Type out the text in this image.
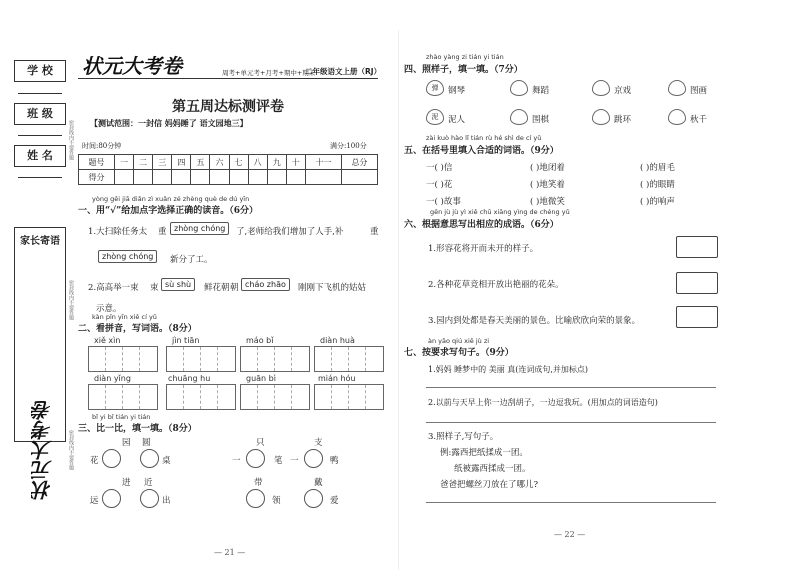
学 校
班 级
姓 名
家长寄语
状元大考卷
密封线内不要答题
密封线内不要答题
密封线内不要答题
状元大考卷	周考+单元考+月考+期中+期末
二年级语文上册（RJ）
第五周达标测评卷
【测试范围：一封信 妈妈睡了 语文园地三】
时间:80分钟	满分:100分
题号	一	二	三	四	五	六	七	八	九	十	十一	总分
得分												
yòng gěi jiā diǎn zì xuǎn zé zhèng què de dú yīn
一、用“√”给加点字选择正确的读音。（6分）
1.大扫除任务太 重 zhòng chóng	了,老师给我们增加了人手,补	重
zhòng chóng	新分了工。
2.高高举一束 束 sù shù	鲜花朝 朝 cháo zhāo	刚刚下飞机的姑姑
示意。
kàn pīn yīn xiě cí yǔ
二、看拼音，写词语。（8分）
xiě xìn	jìn tiān	máo bǐ	diàn huà
diàn yǐng	chuāng hu	guān bì	mián hóu
bǐ yi bǐ tián yi tián
三、比一比，填一填。（8分）
园 圆	只	支
花	桌	一	笔 一	鸭
进 近	带	戴
远	出	领	爱
— 21 —
zhào yàng zi tián yi tián
四、照样子，填一填。（7分）
弹	钢琴	舞蹈	京戏	图画
泥	泥人	围棋	跳环	秋千
zài kuò hào lǐ tián rù hé shì de cí yǔ
五、在括号里填入合适的词语。（9分）
一( )信	( )地闭着	( )的眉毛
一( )花	( )地笑着	( )的眼睛
一( )故事	( )地微笑	( )的响声
gēn jù jù yì xiě chū xiāng yìng de chéng yǔ
六、根据意思写出相应的成语。（6分）
1.形容花将开而未开的样子。
2.各种花草竞相开放出艳丽的花朵。
3.园内到处都是春天美丽的景色。比喻欣欣向荣的景象。
àn yāo qiú xiě jù zi
七、按要求写句子。（9分）
1.妈妈 睡梦中的 美丽 真(连词成句,并加标点)
2.以前与天早上你一边刮胡子，一边逗我玩。(用加点的词语造句)
3.照样子,写句子。
例:露西把纸揉成一团。
纸被露西揉成一团。
爸爸把螺丝刀放在了哪儿?
— 22 —
